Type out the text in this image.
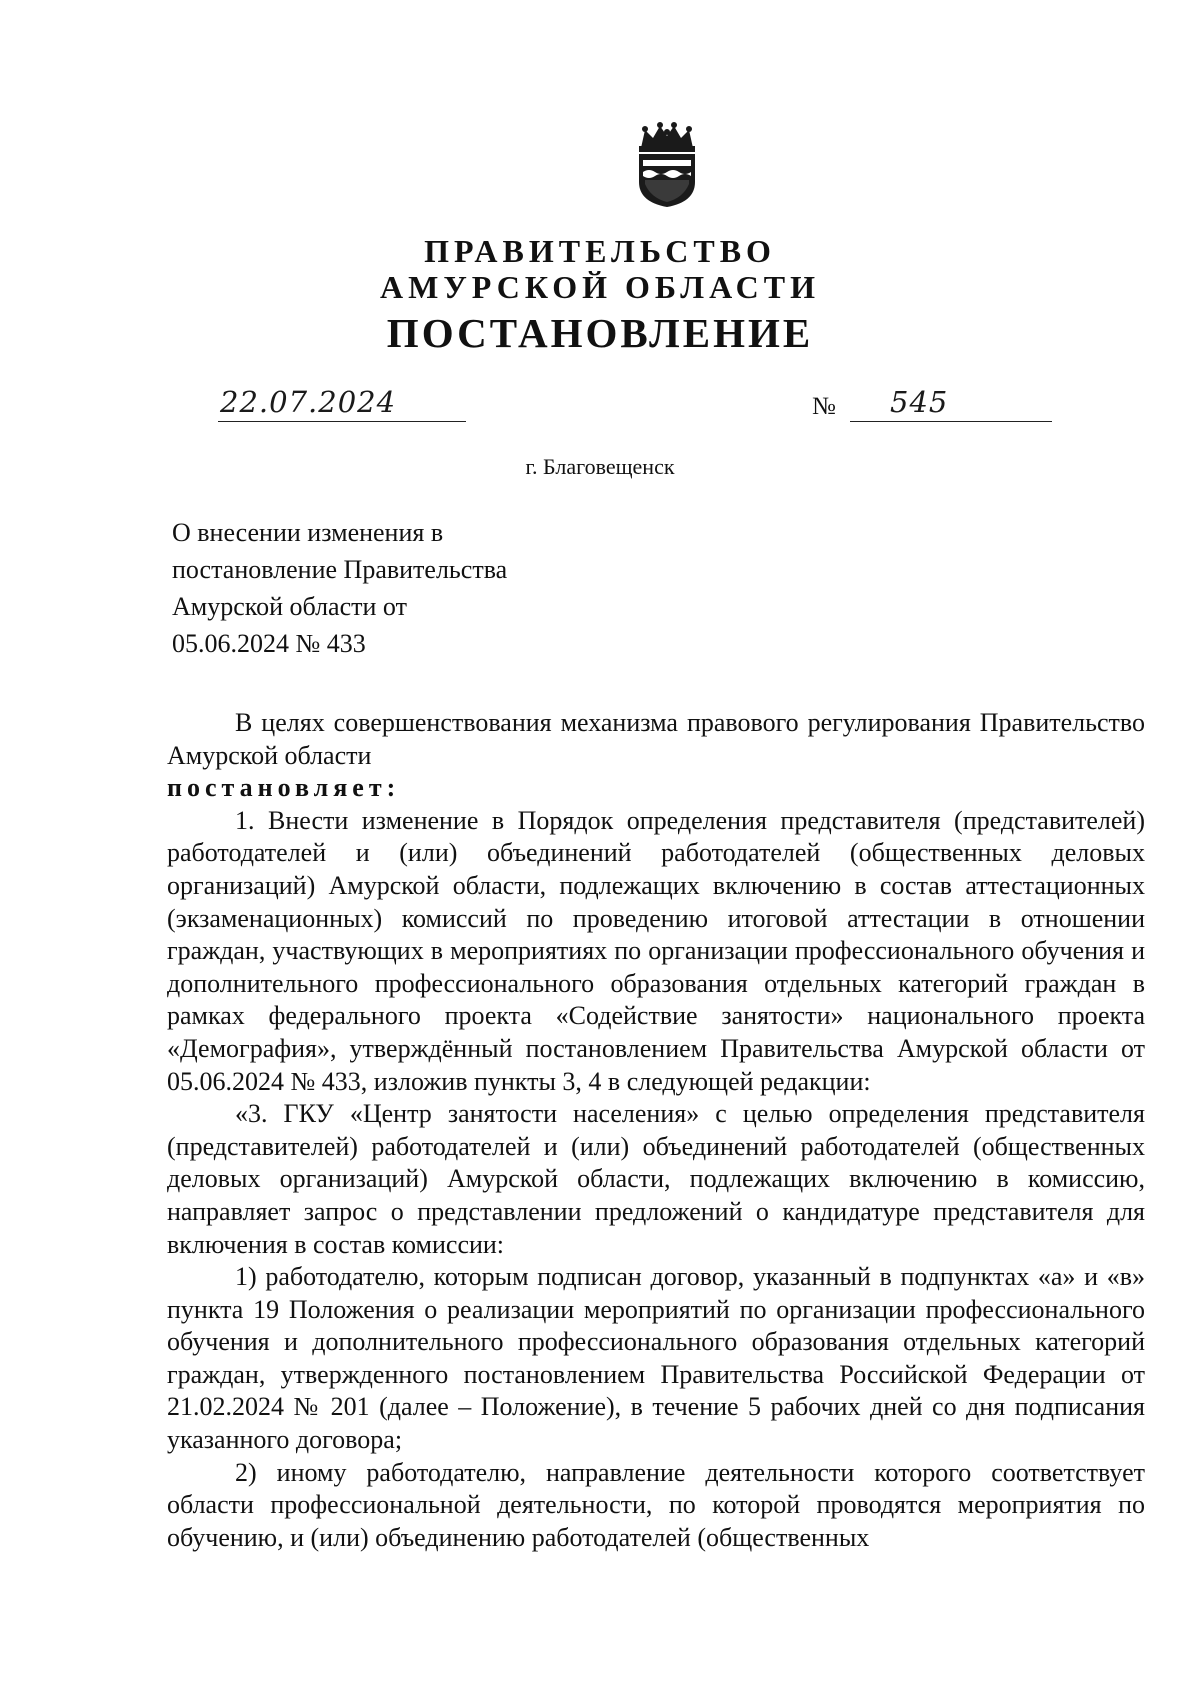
ПРАВИТЕЛЬСТВО
АМУРСКОЙ ОБЛАСТИ
ПОСТАНОВЛЕНИЕ
22.07.2024	№ 545
г. Благовещенск
О внесении изменения в
постановление Правительства
Амурской области от
05.06.2024 № 433

В целях совершенствования механизма правового регулирования Правительство Амурской области

постановляет:

1. Внести изменение в Порядок определения представителя (представителей) работодателей и (или) объединений работодателей (общественных деловых организаций) Амурской области, подлежащих включению в состав аттестационных (экзаменационных) комиссий по проведению итоговой аттестации в отношении граждан, участвующих в мероприятиях по организации профессионального обучения и дополнительного профессионального образования отдельных категорий граждан в рамках федерального проекта «Содействие занятости» национального проекта «Демография», утверждённый постановлением Правительства Амурской области от 05.06.2024 № 433, изложив пункты 3, 4 в следующей редакции:

«3. ГКУ «Центр занятости населения» с целью определения представителя (представителей) работодателей и (или) объединений работодателей (общественных деловых организаций) Амурской области, подлежащих включению в комиссию, направляет запрос о представлении предложений о кандидатуре представителя для включения в состав комиссии:

1) работодателю, которым подписан договор, указанный в подпунктах «а» и «в» пункта 19 Положения о реализации мероприятий по организации профессионального обучения и дополнительного профессионального образования отдельных категорий граждан, утвержденного постановлением Правительства Российской Федерации от 21.02.2024 № 201 (далее – Положение), в течение 5 рабочих дней со дня подписания указанного договора;

2) иному работодателю, направление деятельности которого соответствует области профессиональной деятельности, по которой проводятся мероприятия по обучению, и (или) объединению работодателей (общественных
